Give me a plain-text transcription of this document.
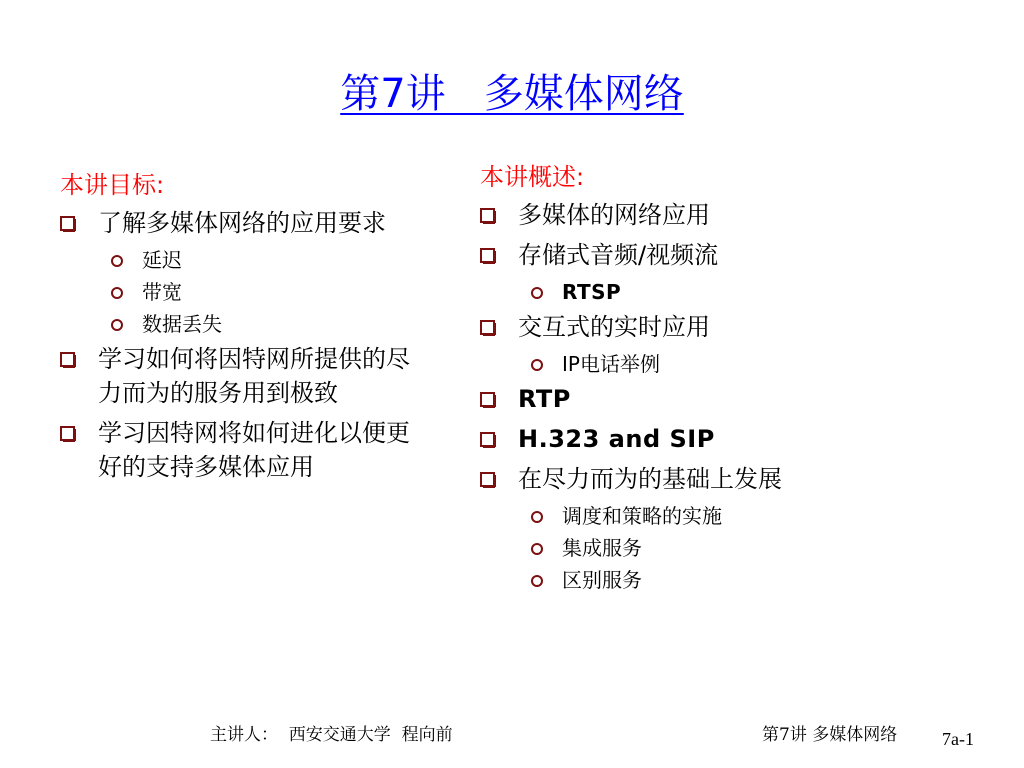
第7讲   多媒体网络
本讲目标:
了解多媒体网络的应用要求
延迟
带宽
数据丢失
学习如何将因特网所提供的尽力而为的服务用到极致
学习因特网将如何进化以便更好的支持多媒体应用
本讲概述:
多媒体的网络应用
存储式音频/视频流
RTSP
交互式的实时应用
IP电话举例
RTP
H.323 and SIP
在尽力而为的基础上发展
调度和策略的实施
集成服务
区别服务
主讲人：  西安交通大学  程向前	第7讲 多媒体网络 7a-1
